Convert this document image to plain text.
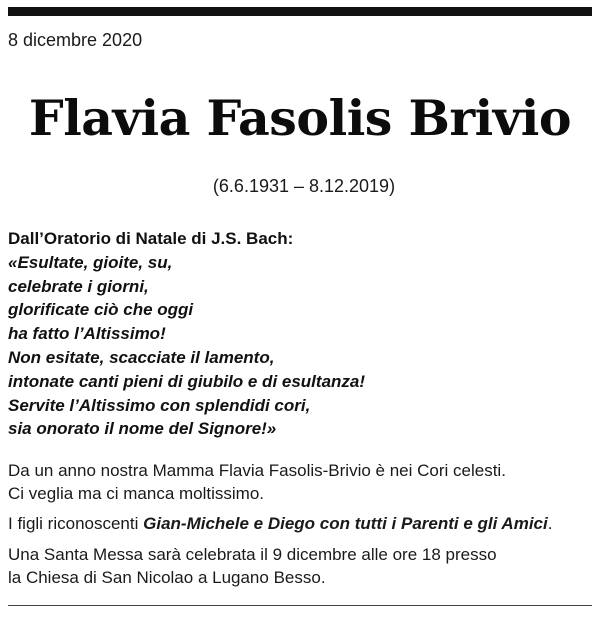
8 dicembre 2020
Flavia Fasolis Brivio
(6.6.1931 – 8.12.2019)
Dall’Oratorio di Natale di J.S. Bach:
«Esultate, gioite, su,
celebrate i giorni,
glorificate ciò che oggi
ha fatto l’Altissimo!
Non esitate, scacciate il lamento,
intonate canti pieni di giubilo e di esultanza!
Servite l’Altissimo con splendidi cori,
sia onorato il nome del Signore!»
Da un anno nostra Mamma Flavia Fasolis-Brivio è nei Cori celesti.
Ci veglia ma ci manca moltissimo.
I figli riconoscenti Gian-Michele e Diego con tutti i Parenti e gli Amici.
Una Santa Messa sarà celebrata il 9 dicembre alle ore 18 presso
la Chiesa di San Nicolao a Lugano Besso.
